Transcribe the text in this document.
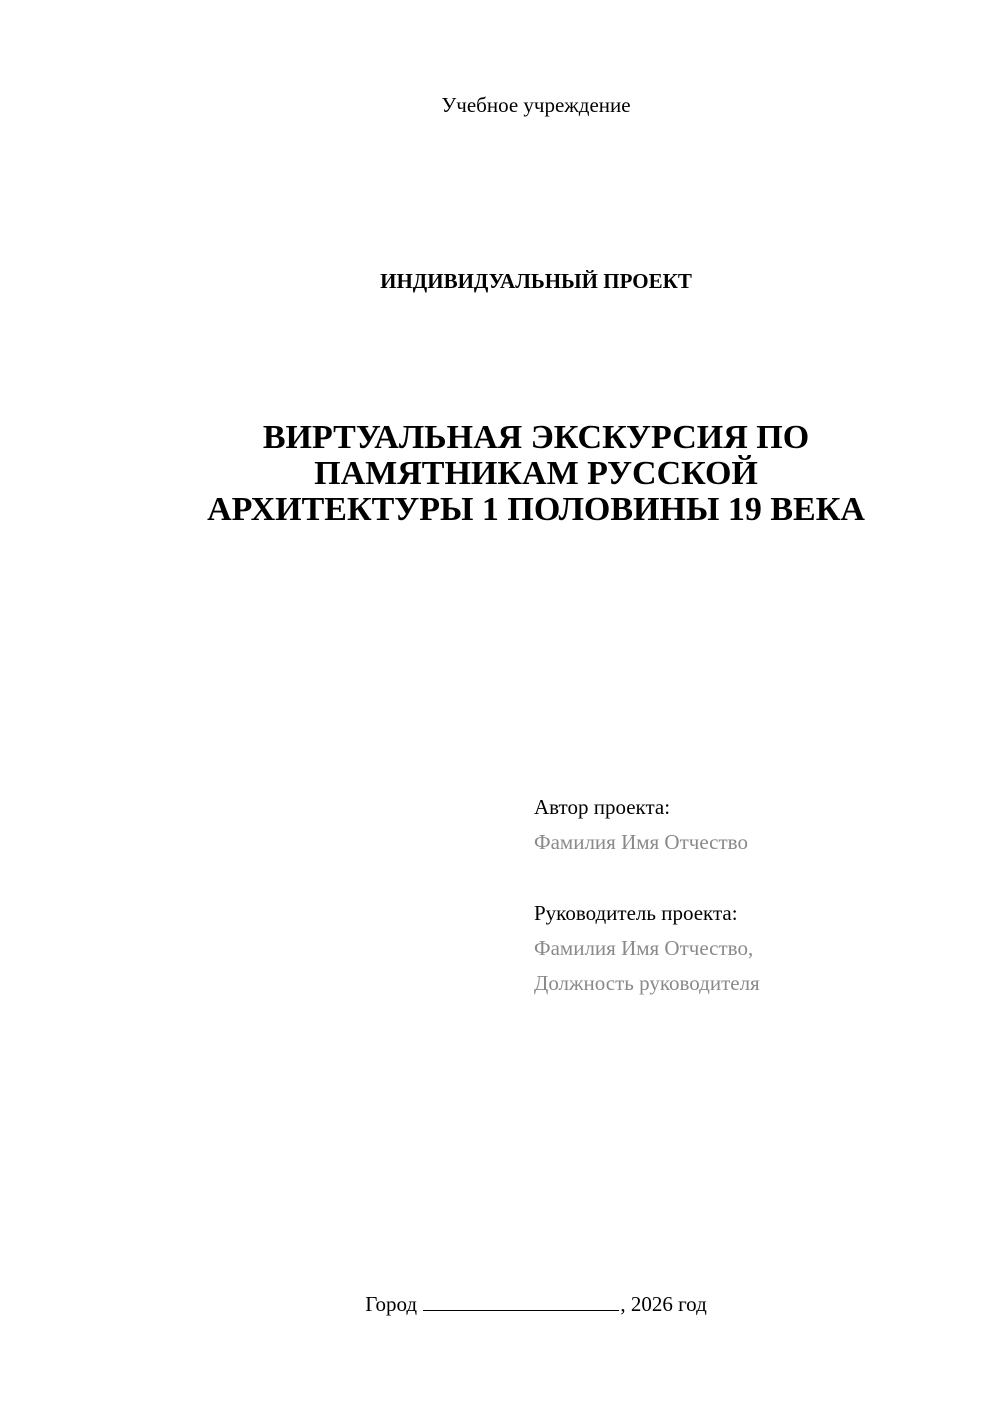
Учебное учреждение
ИНДИВИДУАЛЬНЫЙ ПРОЕКТ
ВИРТУАЛЬНАЯ ЭКСКУРСИЯ ПО
ПАМЯТНИКАМ РУССКОЙ
АРХИТЕКТУРЫ 1 ПОЛОВИНЫ 19 ВЕКА
Автор проекта:
Фамилия Имя Отчество
Руководитель проекта:
Фамилия Имя Отчество,
Должность руководителя
Город	, 2026 год
